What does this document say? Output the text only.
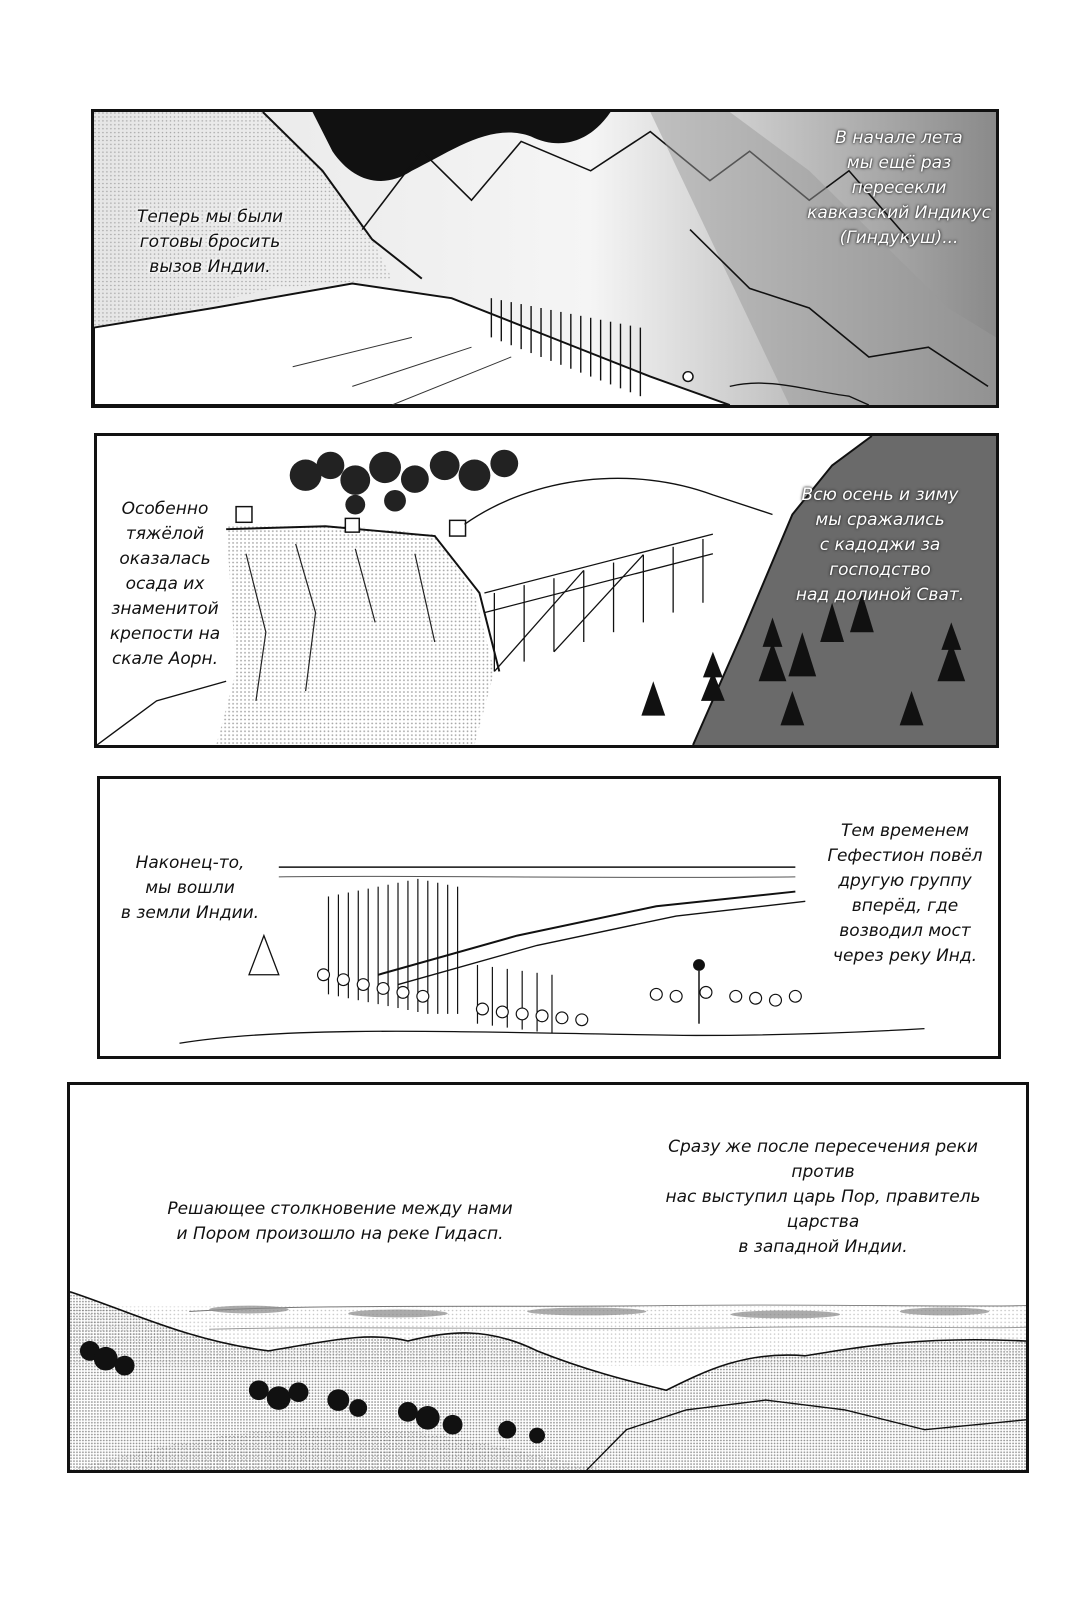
Теперь мы были
готовы бросить
вызов Индии.
В начале лета
мы ещё раз
пересекли
кавказский Индикус
(Гиндукуш)...
Особенно
тяжёлой
оказалась
осада их
знаменитой
крепости на
скале Аорн.
Всю осень и зиму
мы сражались
с кадоджи за господство
над долиной Сват.
Наконец-то,
мы вошли
в земли Индии.
Тем временем
Гефестион повёл
другую группу
вперёд, где
возводил мост
через реку Инд.
Решающее столкновение между нами
и Пором произошло на реке Гидасп.
Сразу же после пересечения реки против
нас выступил царь Пор, правитель царства
в западной Индии.
